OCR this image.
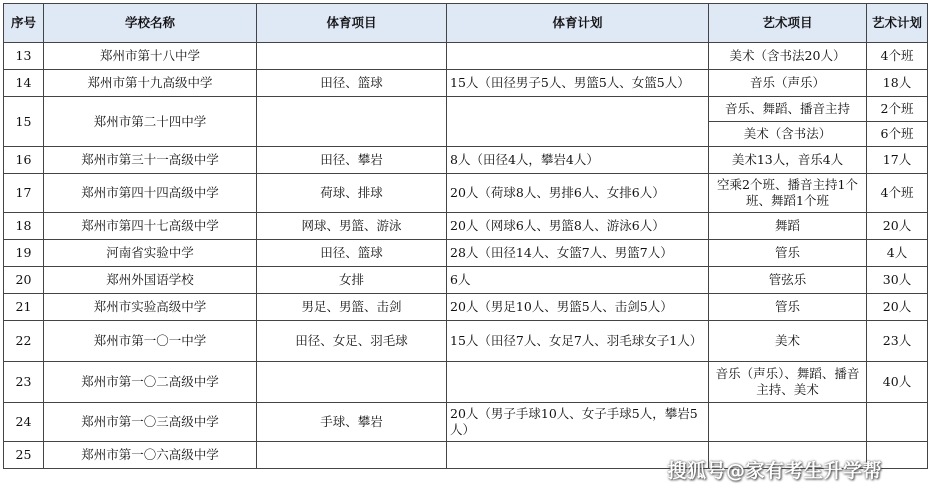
序号	学校名称	体育项目	体育计划	艺术项目	艺术计划
13	郑州市第十八中学			美术（含书法20人）	4个班
14	郑州市第十九高级中学	田径、篮球	15人（田径男子5人、男篮5人、女篮5人）	音乐（声乐）	18人
15	郑州市第二十四中学			音乐、舞蹈、播音主持	2个班
				美术（含书法）	6个班
16	郑州市第三十一高级中学	田径、攀岩	8人（田径4人，攀岩4人）	美术13人，音乐4人	17人
17	郑州市第四十四高级中学	荷球、排球	20人（荷球8人、男排6人、女排6人）	空乘2个班、播音主持1个班、舞蹈1个班	4个班
18	郑州市第四十七高级中学	网球、男篮、游泳	20人（网球6人、男篮8人、游泳6人）	舞蹈	20人
19	河南省实验中学	田径、篮球	28人（田径14人、女篮7人、男篮7人）	管乐	4人
20	郑州外国语学校	女排	6人	管弦乐	30人
21	郑州市实验高级中学	男足、男篮、击剑	20人（男足10人、男篮5人、击剑5人）	管乐	20人
22	郑州市第一〇一中学	田径、女足、羽毛球	15人（田径7人、女足7人、羽毛球女子1人）	美术	23人
23	郑州市第一〇二高级中学			音乐（声乐）、舞蹈、播音主持、美术	40人
24	郑州市第一〇三高级中学	手球、攀岩	20人（男子手球10人、女子手球5人，攀岩5人）		
25	郑州市第一〇六高级中学				
搜狐号@家有考生升学帮
